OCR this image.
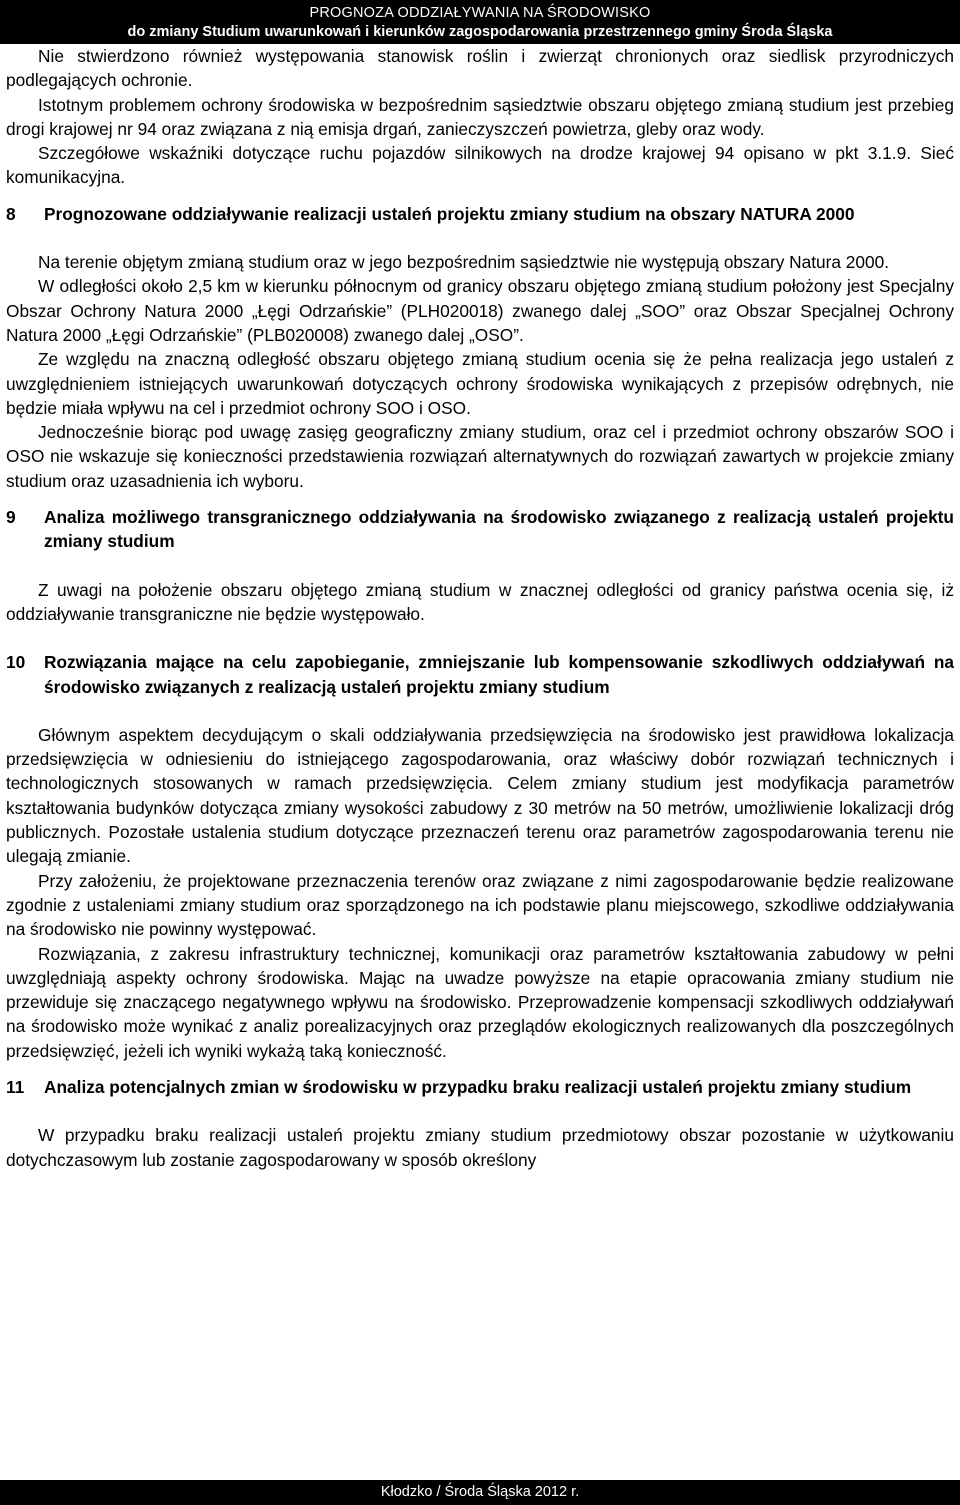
PROGNOZA ODDZIAŁYWANIA NA ŚRODOWISKO
do zmiany Studium uwarunkowań i kierunków zagospodarowania przestrzennego gminy Środa Śląska

Nie stwierdzono również występowania stanowisk roślin i zwierząt chronionych oraz siedlisk przyrodniczych podlegających ochronie.

Istotnym problemem ochrony środowiska w bezpośrednim sąsiedztwie obszaru objętego zmianą studium jest przebieg drogi krajowej nr 94 oraz związana z nią emisja drgań, zanieczyszczeń powietrza, gleby oraz wody.

Szczegółowe wskaźniki dotyczące ruchu pojazdów silnikowych na drodze krajowej 94 opisano w pkt 3.1.9. Sieć komunikacyjna.

8 Prognozowane oddziaływanie realizacji ustaleń projektu zmiany studium na obszary NATURA 2000

Na terenie objętym zmianą studium oraz w jego bezpośrednim sąsiedztwie nie występują obszary Natura 2000.

W odległości około 2,5 km w kierunku północnym od granicy obszaru objętego zmianą studium położony jest Specjalny Obszar Ochrony Natura 2000 „Łęgi Odrzańskie” (PLH020018) zwanego dalej „SOO” oraz Obszar Specjalnej Ochrony Natura 2000 „Łęgi Odrzańskie” (PLB020008) zwanego dalej „OSO”.

Ze względu na znaczną odległość obszaru objętego zmianą studium ocenia się że pełna realizacja jego ustaleń z uwzględnieniem istniejących uwarunkowań dotyczących ochrony środowiska wynikających z przepisów odrębnych, nie będzie miała wpływu na cel i przedmiot ochrony SOO i OSO.

Jednocześnie biorąc pod uwagę zasięg geograficzny zmiany studium, oraz cel i przedmiot ochrony obszarów SOO i OSO nie wskazuje się konieczności przedstawienia rozwiązań alternatywnych do rozwiązań zawartych w projekcie zmiany studium oraz uzasadnienia ich wyboru.

9 Analiza możliwego transgranicznego oddziaływania na środowisko związanego z realizacją ustaleń projektu zmiany studium

Z uwagi na położenie obszaru objętego zmianą studium w znacznej odległości od granicy państwa ocenia się, iż oddziaływanie transgraniczne nie będzie występowało.

10 Rozwiązania mające na celu zapobieganie, zmniejszanie lub kompensowanie szkodliwych oddziaływań na środowisko związanych z realizacją ustaleń projektu zmiany studium

Głównym aspektem decydującym o skali oddziaływania przedsięwzięcia na środowisko jest prawidłowa lokalizacja przedsięwzięcia w odniesieniu do istniejącego zagospodarowania, oraz właściwy dobór rozwiązań technicznych i technologicznych stosowanych w ramach przedsięwzięcia. Celem zmiany studium jest modyfikacja parametrów kształtowania budynków dotycząca zmiany wysokości zabudowy z 30 metrów na 50 metrów, umożliwienie lokalizacji dróg publicznych. Pozostałe ustalenia studium dotyczące przeznaczeń terenu oraz parametrów zagospodarowania terenu nie ulegają zmianie.

Przy założeniu, że projektowane przeznaczenia terenów oraz związane z nimi zagospodarowanie będzie realizowane zgodnie z ustaleniami zmiany studium oraz sporządzonego na ich podstawie planu miejscowego, szkodliwe oddziaływania na środowisko nie powinny występować.

Rozwiązania, z zakresu infrastruktury technicznej, komunikacji oraz parametrów kształtowania zabudowy w pełni uwzględniają aspekty ochrony środowiska. Mając na uwadze powyższe na etapie opracowania zmiany studium nie przewiduje się znaczącego negatywnego wpływu na środowisko. Przeprowadzenie kompensacji szkodliwych oddziaływań na środowisko może wynikać z analiz porealizacyjnych oraz przeglądów ekologicznych realizowanych dla poszczególnych przedsięwzięć, jeżeli ich wyniki wykażą taką konieczność.

11 Analiza potencjalnych zmian w środowisku w przypadku braku realizacji ustaleń projektu zmiany studium

W przypadku braku realizacji ustaleń projektu zmiany studium przedmiotowy obszar pozostanie w użytkowaniu dotychczasowym lub zostanie zagospodarowany w sposób określony

Kłodzko / Środa Śląska 2012 r.
